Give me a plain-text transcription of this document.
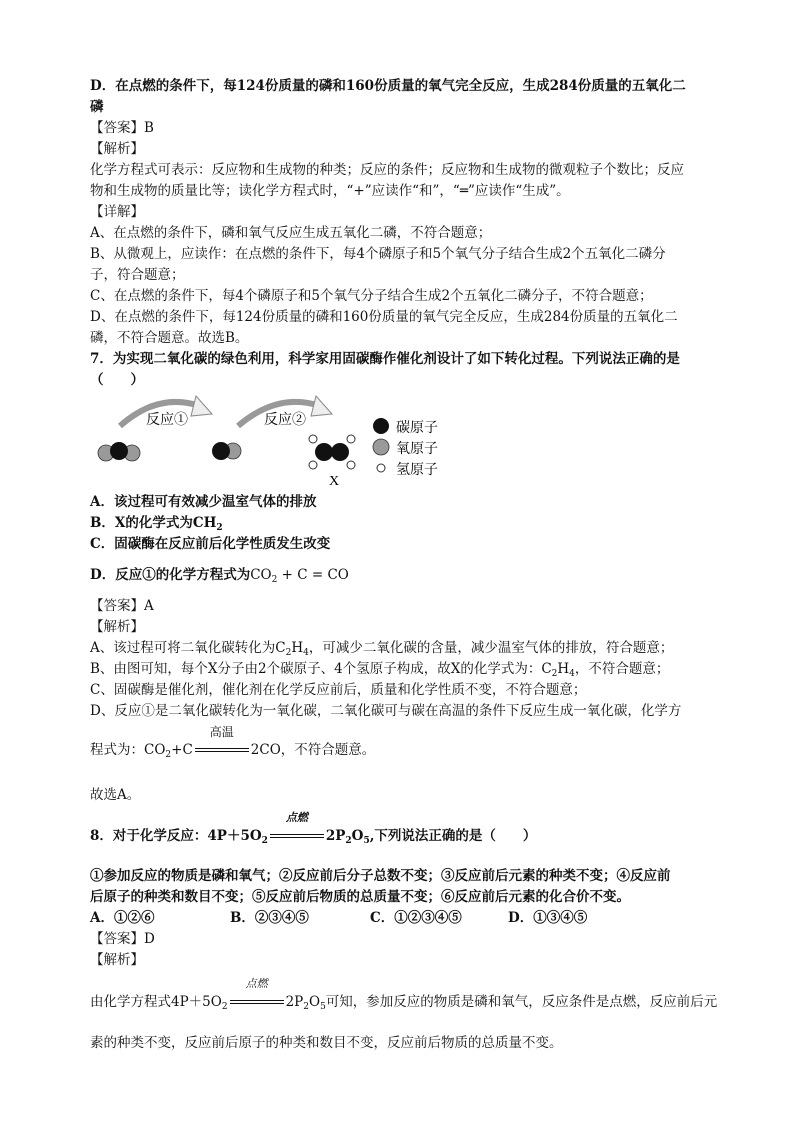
D．在点燃的条件下，每124份质量的磷和160份质量的氧气完全反应，生成284份质量的五氧化二
磷
【答案】B
【解析】
化学方程式可表示：反应物和生成物的种类；反应的条件；反应物和生成物的微观粒子个数比；反应
物和生成物的质量比等；读化学方程式时，“+”应读作“和”，“═”应读作“生成”。
【详解】
A、在点燃的条件下，磷和氧气反应生成五氧化二磷，不符合题意；
B、从微观上，应读作：在点燃的条件下，每4个磷原子和5个氧气分子结合生成2个五氧化二磷分
子，符合题意；
C、在点燃的条件下，每4个磷原子和5个氧气分子结合生成2个五氧化二磷分子，不符合题意；
D、在点燃的条件下，每124份质量的磷和160份质量的氧气完全反应，生成284份质量的五氧化二
磷，不符合题意。故选B。
7．为实现二氧化碳的绿色利用，科学家用固碳酶作催化剂设计了如下转化过程。下列说法正确的是
（　　）
反应①	反应②
X
碳原子
氧原子
氢原子
A．该过程可有效减少温室气体的排放
B．X的化学式为$CH_2$
C．固碳酶在反应前后化学性质发生改变
D．反应①的化学方程式为$CO_2 + C$ = CO
【答案】A
【解析】
A、该过程可将二氧化碳转化为$C_2H_4$，可减少二氧化碳的含量，减少温室气体的排放，符合题意；
B、由图可知，每个X分子由2个碳原子、4个氢原子构成，故X的化学式为：$C_2H_4$，不符合题意；
C、固碳酶是催化剂，催化剂在化学反应前后，质量和化学性质不变，不符合题意；
D、反应①是二氧化碳转化为一氧化碳，二氧化碳可与碳在高温的条件下反应生成一氧化碳，化学方
程式为：$CO_2+C$
高温
2CO，不符合题意。
故选A。
8．对于化学反应：$4P+5O_2$
点燃
$2P_2O_5$,下列说法正确的是（　　）
①参加反应的物质是磷和氧气；②反应前后分子总数不变；③反应前后元素的种类不变；④反应前
后原子的种类和数目不变；⑤反应前后物质的总质量不变；⑥反应前后元素的化合价不变。
A．①②⑥	B．②③④⑤	C．①②③④⑤	D．①③④⑤
【答案】D
【解析】
由化学方程式$4P+5O_2$
点燃
$2P_2O_5$可知，参加反应的物质是磷和氧气，反应条件是点燃，反应前后元
素的种类不变，反应前后原子的种类和数目不变，反应前后物质的总质量不变。
